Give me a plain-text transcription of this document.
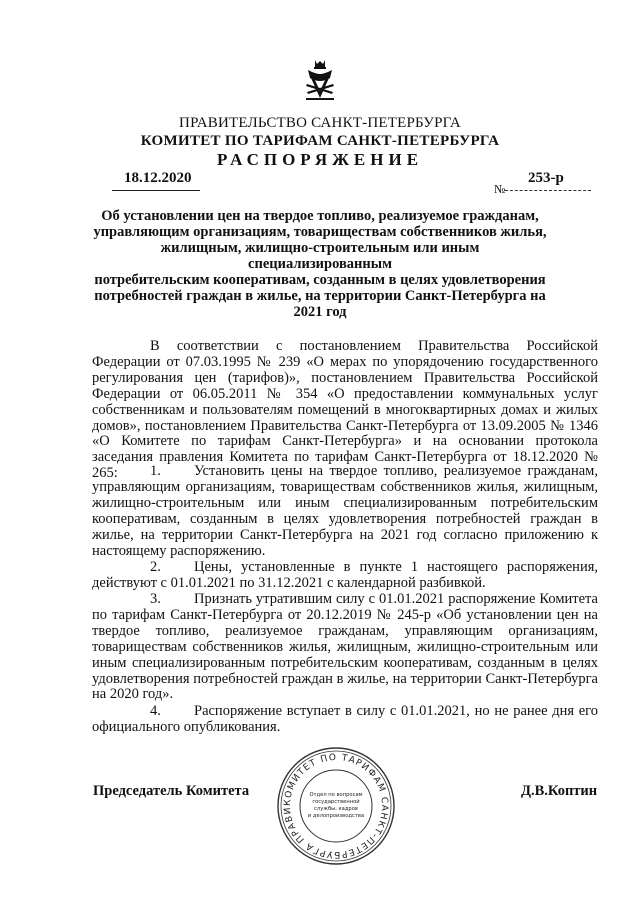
ПРАВИТЕЛЬСТВО САНКТ-ПЕТЕРБУРГА
КОМИТЕТ ПО ТАРИФАМ САНКТ-ПЕТЕРБУРГА
РАСПОРЯЖЕНИЕ
18.12.2020
№
253-р
Об установлении цен на твердое топливо, реализуемое гражданам,
управляющим организациям, товариществам собственников жилья,
жилищным, жилищно-строительным или иным специализированным
потребительским кооперативам, созданным в целях удовлетворения
потребностей граждан в жилье, на территории Санкт-Петербурга на 2021 год
В соответствии с постановлением Правительства Российской Федерации от 07.03.1995 № 239 «О мерах по упорядочению государственного регулирования цен (тарифов)», постановлением Правительства Российской Федерации от 06.05.2011 № 354 «О предоставлении коммунальных услуг собственникам и пользователям помещений в многоквартирных домах и жилых домов», постановлением Правительства Санкт-Петербурга от 13.09.2005 № 1346 «О Комитете по тарифам Санкт-Петербурга» и на основании протокола заседания правления Комитета по тарифам Санкт-Петербурга от 18.12.2020 № 265:	1. Установить цены на твердое топливо, реализуемое гражданам, управляющим организациям, товариществам собственников жилья, жилищным, жилищно-строительным или иным специализированным потребительским кооперативам, созданным в целях удовлетворения потребностей граждан в жилье, на территории Санкт-Петербурга на 2021 год согласно приложению к настоящему распоряжению.
2. Цены, установленные в пункте 1 настоящего распоряжения, действуют с 01.01.2021 по 31.12.2021 с календарной разбивкой.
3. Признать утратившим силу с 01.01.2021 распоряжение Комитета по тарифам Санкт-Петербурга от 20.12.2019 № 245-р «Об установлении цен на твердое топливо, реализуемое гражданам, управляющим организациям, товариществам собственников жилья, жилищным, жилищно-строительным или иным специализированным потребительским кооперативам, созданным в целях удовлетворения потребностей граждан в жилье, на территории Санкт-Петербурга на 2020 год».
4. Распоряжение вступает в силу с 01.01.2021, но не ранее дня его официального опубликования.
Председатель Комитета	Д.В.Коптин
КОМИТЕТ ПО ТАРИФАМ САНКТ-ПЕТЕРБУРГА ПРАВИ
Отдел по вопросам
государственной
службы, кадров
и делопроизводства
